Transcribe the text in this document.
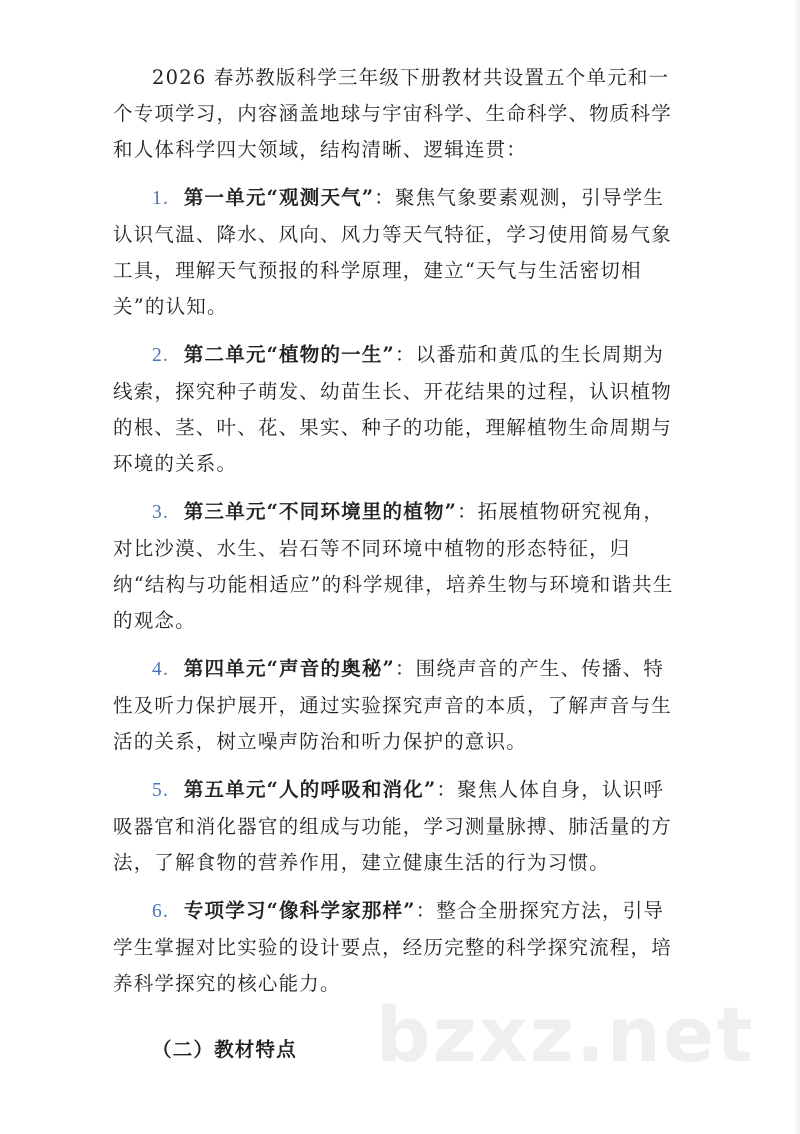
2026 春苏教版科学三年级下册教材共设置五个单元和一个专项学习，内容涵盖地球与宇宙科学、生命科学、物质科学和人体科学四大领域，结构清晰、逻辑连贯：

1. 第一单元“观测天气”：聚焦气象要素观测，引导学生认识气温、降水、风向、风力等天气特征，学习使用简易气象工具，理解天气预报的科学原理，建立“天气与生活密切相关”的认知。

2. 第二单元“植物的一生”：以番茄和黄瓜的生长周期为线索，探究种子萌发、幼苗生长、开花结果的过程，认识植物的根、茎、叶、花、果实、种子的功能，理解植物生命周期与环境的关系。

3. 第三单元“不同环境里的植物”：拓展植物研究视角，对比沙漠、水生、岩石等不同环境中植物的形态特征，归纳“结构与功能相适应”的科学规律，培养生物与环境和谐共生的观念。

4. 第四单元“声音的奥秘”：围绕声音的产生、传播、特性及听力保护展开，通过实验探究声音的本质，了解声音与生活的关系，树立噪声防治和听力保护的意识。

5. 第五单元“人的呼吸和消化”：聚焦人体自身，认识呼吸器官和消化器官的组成与功能，学习测量脉搏、肺活量的方法，了解食物的营养作用，建立健康生活的行为习惯。

6. 专项学习“像科学家那样”：整合全册探究方法，引导学生掌握对比实验的设计要点，经历完整的科学探究流程，培养科学探究的核心能力。

（二）教材特点	bzxz.net
